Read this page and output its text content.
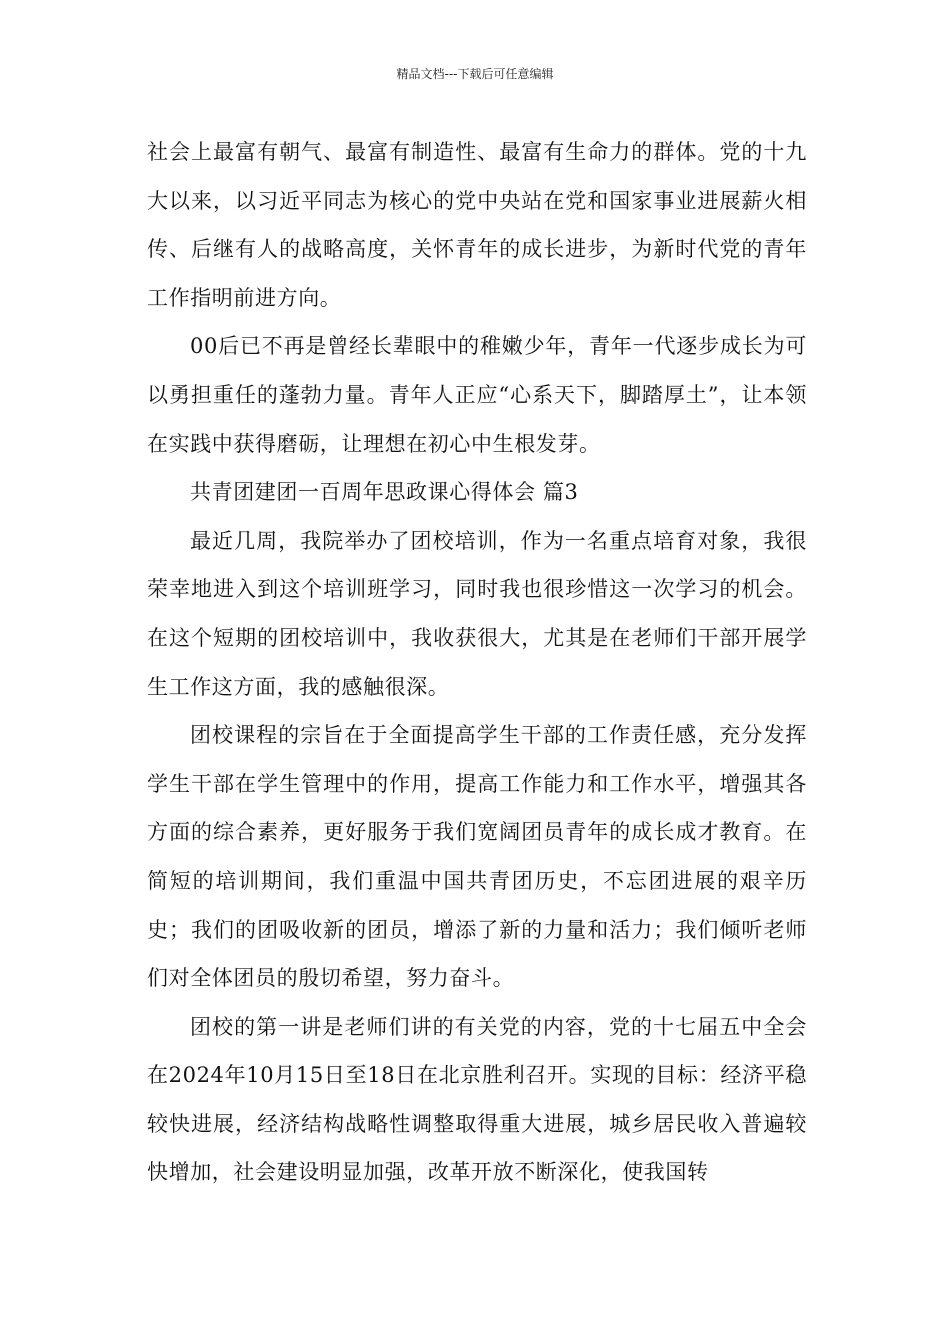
精品文档---下载后可任意编辑

社会上最富有朝气、最富有制造性、最富有生命力的群体。党的十九大以来，以习近平同志为核心的党中央站在党和国家事业进展薪火相传、后继有人的战略高度，关怀青年的成长进步，为新时代党的青年工作指明前进方向。

00后已不再是曾经长辈眼中的稚嫩少年，青年一代逐步成长为可以勇担重任的蓬勃力量。青年人正应“心系天下，脚踏厚土”，让本领在实践中获得磨砺，让理想在初心中生根发芽。

共青团建团一百周年思政课心得体会 篇3

最近几周，我院举办了团校培训，作为一名重点培育对象，我很荣幸地进入到这个培训班学习，同时我也很珍惜这一次学习的机会。在这个短期的团校培训中，我收获很大，尤其是在老师们干部开展学生工作这方面，我的感触很深。

团校课程的宗旨在于全面提高学生干部的工作责任感，充分发挥学生干部在学生管理中的作用，提高工作能力和工作水平，增强其各方面的综合素养，更好服务于我们宽阔团员青年的成长成才教育。在简短的培训期间，我们重温中国共青团历史，不忘团进展的艰辛历史；我们的团吸收新的团员，增添了新的力量和活力；我们倾听老师们对全体团员的殷切希望，努力奋斗。

团校的第一讲是老师们讲的有关党的内容，党的十七届五中全会在2024年10月15日至18日在北京胜利召开。实现的目标：经济平稳较快进展，经济结构战略性调整取得重大进展，城乡居民收入普遍较快增加，社会建设明显加强，改革开放不断深化，使我国转
